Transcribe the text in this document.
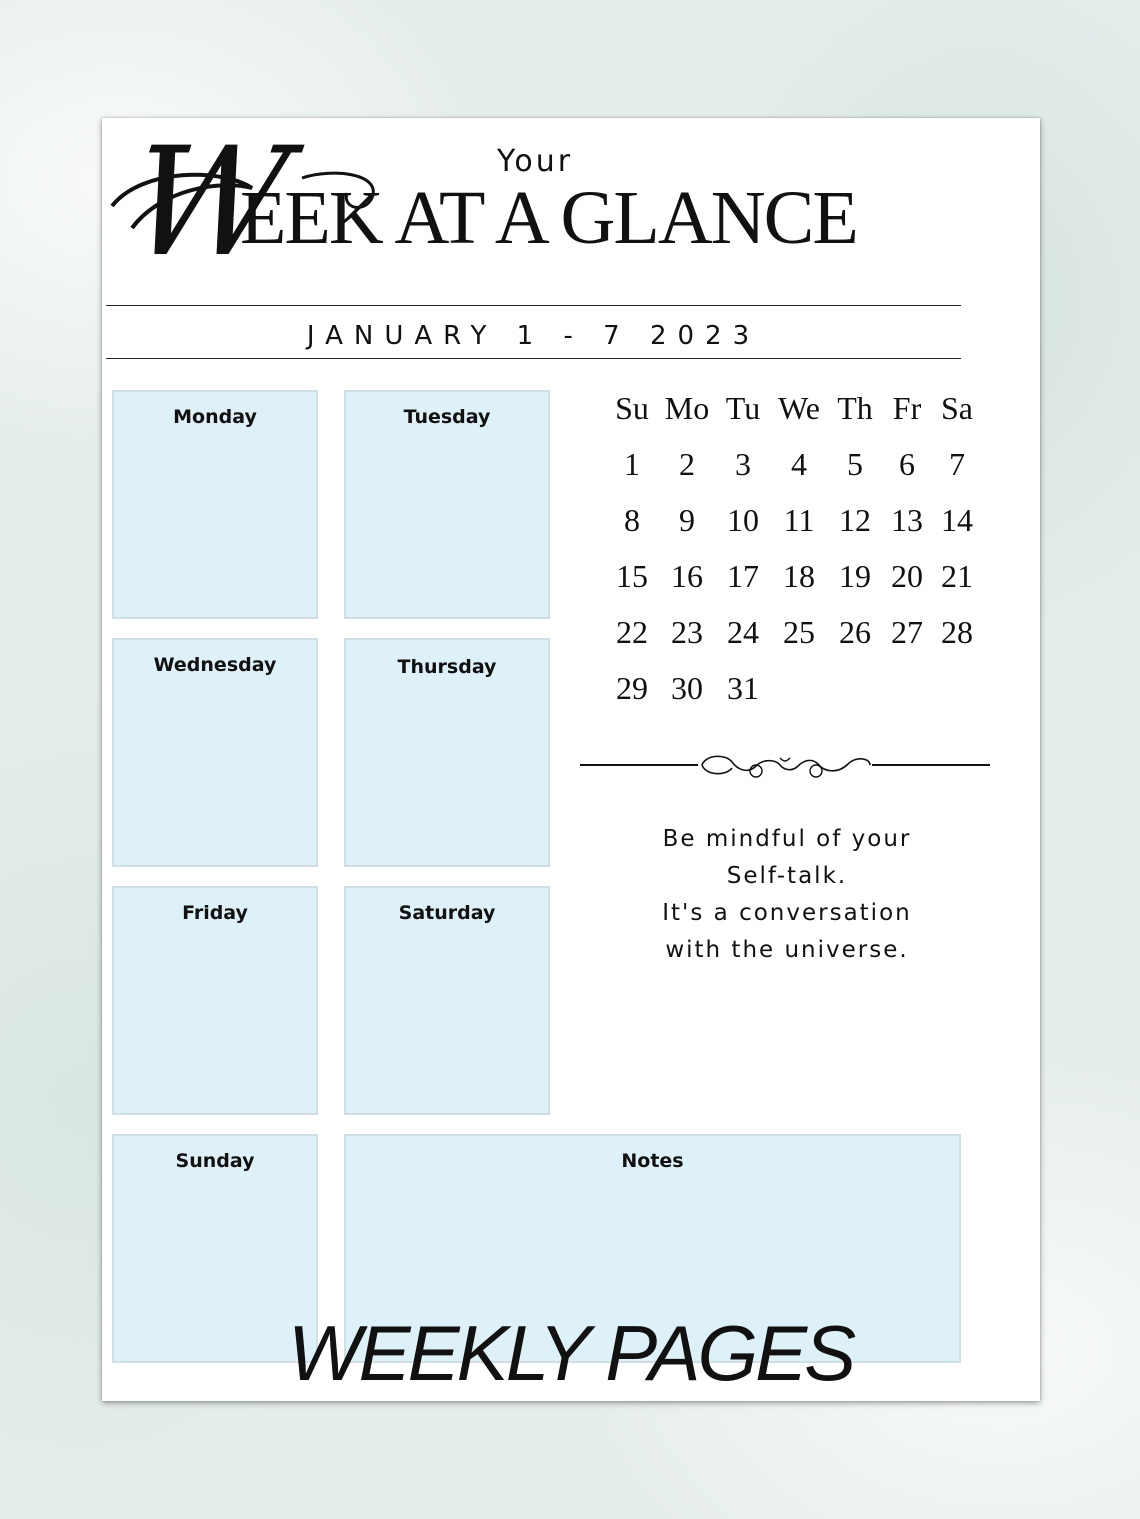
W	Your
EEK AT A GLANCE
JANUARY 1 - 7 2023
Monday	Tuesday
Wednesday	Thursday
Friday	Saturday
Sunday	Notes
Su Mo Tu We Th Fr Sa
1	2	3	4	5	6	7
8	9	10 11 12 13 14
15 16 17 18 19 20 21
22 23 24 25 26 27 28
29 30 31
Be mindful of your
Self-talk.
It's a conversation
with the universe.
WEEKLY PAGES
